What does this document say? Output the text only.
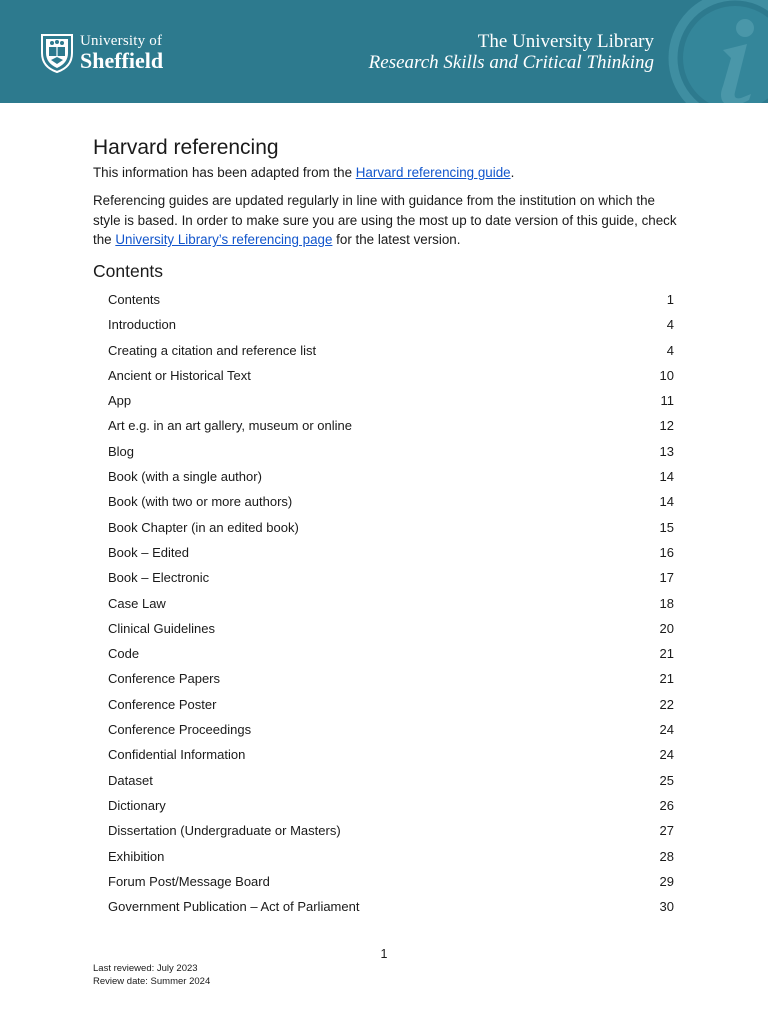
University of
Sheffield
The University Library
Research Skills and Critical Thinking
Harvard referencing

This information has been adapted from the Harvard referencing guide.

Referencing guides are updated regularly in line with guidance from the institution on which the style is based. In order to make sure you are using the most up to date version of this guide, check the University Library’s referencing page for the latest version.

Contents
Contents	1
Introduction	4
Creating a citation and reference list	4
Ancient or Historical Text	10
App	11
Art e.g. in an art gallery, museum or online	12
Blog	13
Book (with a single author)	14
Book (with two or more authors)	14
Book Chapter (in an edited book)	15
Book – Edited	16
Book – Electronic	17
Case Law	18
Clinical Guidelines	20
Code	21
Conference Papers	21
Conference Poster	22
Conference Proceedings	24
Confidential Information	24
Dataset	25
Dictionary	26
Dissertation (Undergraduate or Masters)	27
Exhibition	28
Forum Post/Message Board	29
Government Publication – Act of Parliament	30
1
Last reviewed: July 2023
Review date: Summer 2024
